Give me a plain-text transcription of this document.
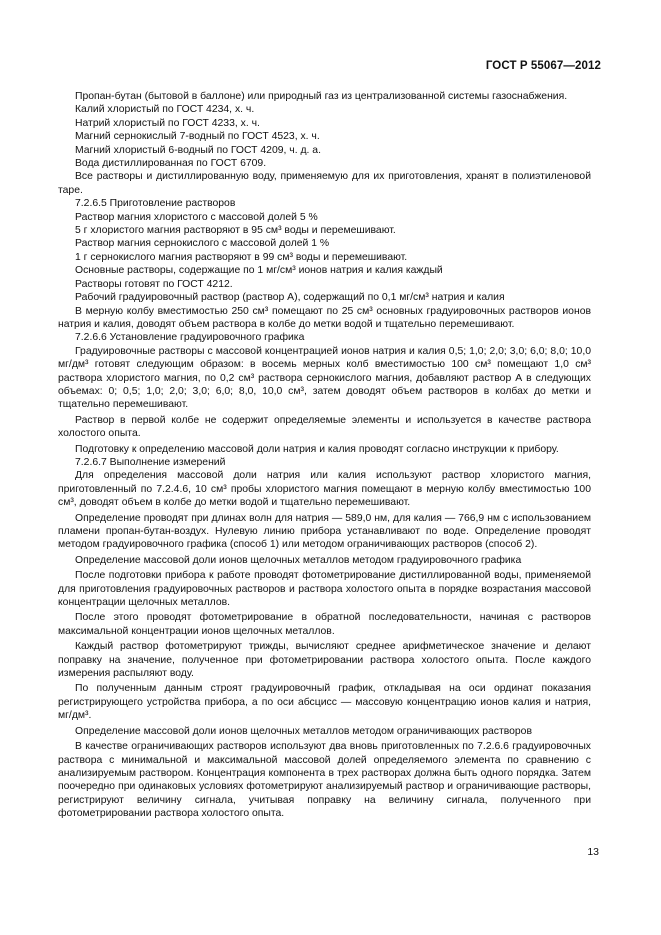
ГОСТ Р 55067—2012

Пропан-бутан (бытовой в баллоне) или природный газ из централизованной системы газоснабжения.

Калий хлористый по ГОСТ 4234, х. ч.

Натрий хлористый по ГОСТ 4233, х. ч.

Магний сернокислый 7-водный по ГОСТ 4523, х. ч.

Магний хлористый 6-водный по ГОСТ 4209, ч. д. а.

Вода дистиллированная по ГОСТ 6709.

Все растворы и дистиллированную воду, применяемую для их приготовления, хранят в полиэтиленовой таре.

7.2.6.5 Приготовление растворов

Раствор магния хлористого с массовой долей 5 %

5 г хлористого магния растворяют в 95 см³ воды и перемешивают.

Раствор магния сернокислого с массовой долей 1 %

1 г сернокислого магния растворяют в 99 см³ воды и перемешивают.

Основные растворы, содержащие по 1 мг/см³ ионов натрия и калия каждый

Растворы готовят по ГОСТ 4212.

Рабочий градуировочный раствор (раствор А), содержащий по 0,1 мг/см³ натрия и калия

В мерную колбу вместимостью 250 см³ помещают по 25 см³ основных градуировочных растворов ионов натрия и калия, доводят объем раствора в колбе до метки водой и тщательно перемешивают.

7.2.6.6 Установление градуировочного графика

Градуировочные растворы с массовой концентрацией ионов натрия и калия 0,5; 1,0; 2,0; 3,0; 6,0; 8,0; 10,0 мг/дм³ готовят следующим образом: в восемь мерных колб вместимостью 100 см³ помещают 1,0 см³ раствора хлористого магния, по 0,2 см³ раствора сернокислого магния, добавляют раствор А в следующих объемах: 0; 0,5; 1,0; 2,0; 3,0; 6,0; 8,0, 10,0 см³, затем доводят объем растворов в колбах до метки и тщательно перемешивают.

Раствор в первой колбе не содержит определяемые элементы и используется в качестве раствора холостого опыта.

Подготовку к определению массовой доли натрия и калия проводят согласно инструкции к прибору.

7.2.6.7 Выполнение измерений

Для определения массовой доли натрия или калия используют раствор хлористого магния, приготовленный по 7.2.4.6, 10 см³ пробы хлористого магния помещают в мерную колбу вместимостью 100 см³, доводят объем в колбе до метки водой и тщательно перемешивают.

Определение проводят при длинах волн для натрия — 589,0 нм, для калия — 766,9 нм с использованием пламени пропан-бутан-воздух. Нулевую линию прибора устанавливают по воде. Определение проводят методом градуировочного графика (способ 1) или методом ограничивающих растворов (способ 2).

Определение массовой доли ионов щелочных металлов методом градуировочного графика

После подготовки прибора к работе проводят фотометрирование дистиллированной воды, применяемой для приготовления градуировочных растворов и раствора холостого опыта в порядке возрастания массовой концентрации щелочных металлов.

После этого проводят фотометрирование в обратной последовательности, начиная с растворов максимальной концентрации ионов щелочных металлов.

Каждый раствор фотометрируют трижды, вычисляют среднее арифметическое значение и делают поправку на значение, полученное при фотометрировании раствора холостого опыта. После каждого измерения распыляют воду.

По полученным данным строят градуировочный график, откладывая на оси ординат показания регистрирующего устройства прибора, а по оси абсцисс — массовую концентрацию ионов калия и натрия, мг/дм³.

Определение массовой доли ионов щелочных металлов методом ограничивающих растворов

В качестве ограничивающих растворов используют два вновь приготовленных по 7.2.6.6 градуировочных раствора с минимальной и максимальной массовой долей определяемого элемента по сравнению с анализируемым раствором. Концентрация компонента в трех растворах должна быть одного порядка. Затем поочередно при одинаковых условиях фотометрируют анализируемый раствор и ограничивающие растворы, регистрируют величину сигнала, учитывая поправку на величину сигнала, полученного при фотометрировании раствора холостого опыта.

13
